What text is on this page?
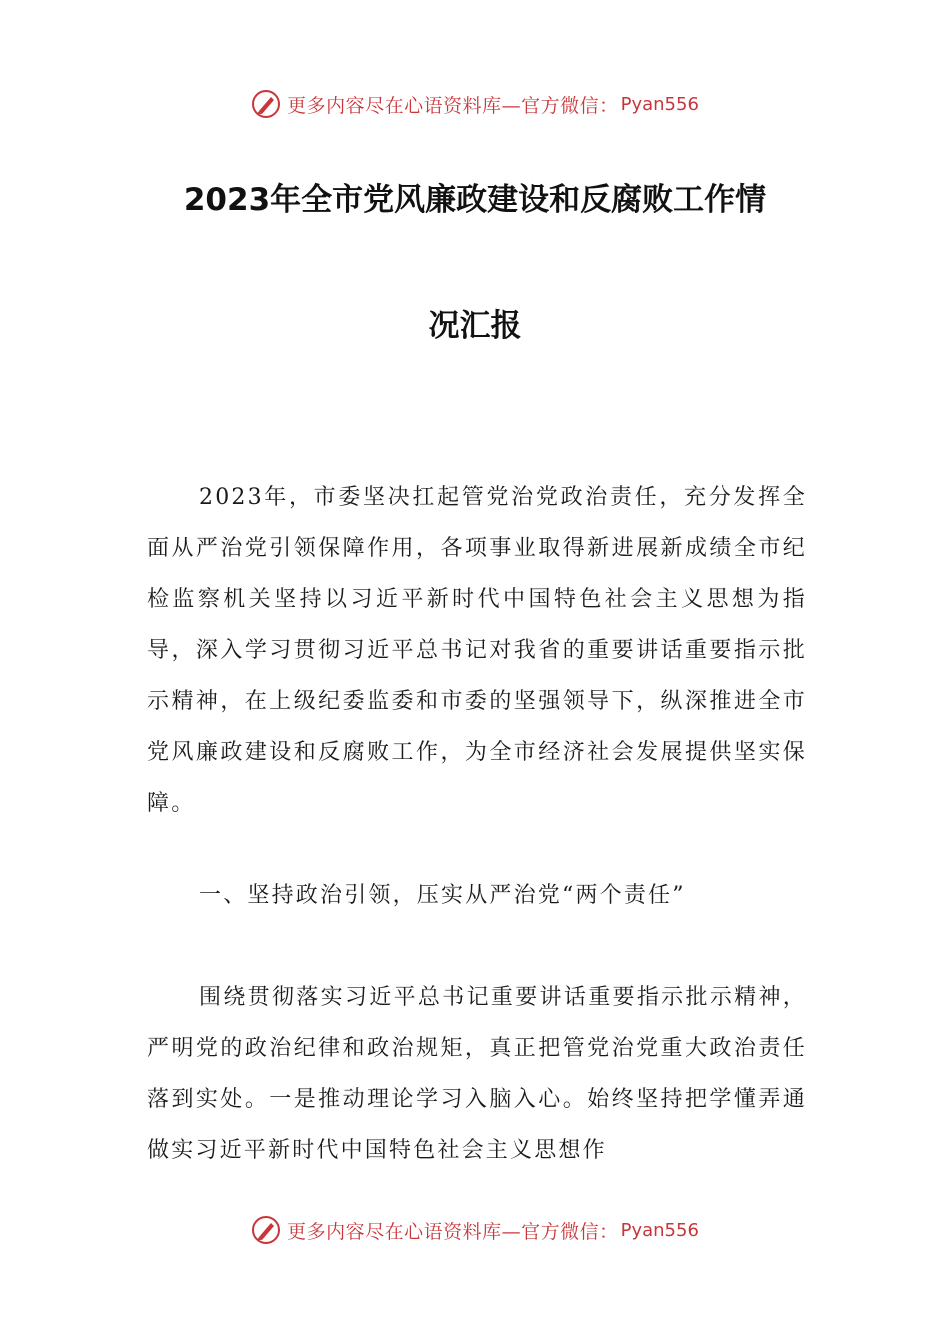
更多内容尽在心语资料库—官方微信： Pyan556
2023年全市党风廉政建设和反腐败工作情
况汇报

2023年，市委坚决扛起管党治党政治责任，充分发挥全面从严治党引领保障作用，各项事业取得新进展新成绩全市纪检监察机关坚持以习近平新时代中国特色社会主义思想为指导，深入学习贯彻习近平总书记对我省的重要讲话重要指示批示精神，在上级纪委监委和市委的坚强领导下，纵深推进全市党风廉政建设和反腐败工作，为全市经济社会发展提供坚实保障。

一、坚持政治引领，压实从严治党“两个责任”

围绕贯彻落实习近平总书记重要讲话重要指示批示精神，严明党的政治纪律和政治规矩，真正把管党治党重大政治责任落到实处。一是推动理论学习入脑入心。始终坚持把学懂弄通做实习近平新时代中国特色社会主义思想作

更多内容尽在心语资料库—官方微信： Pyan556
